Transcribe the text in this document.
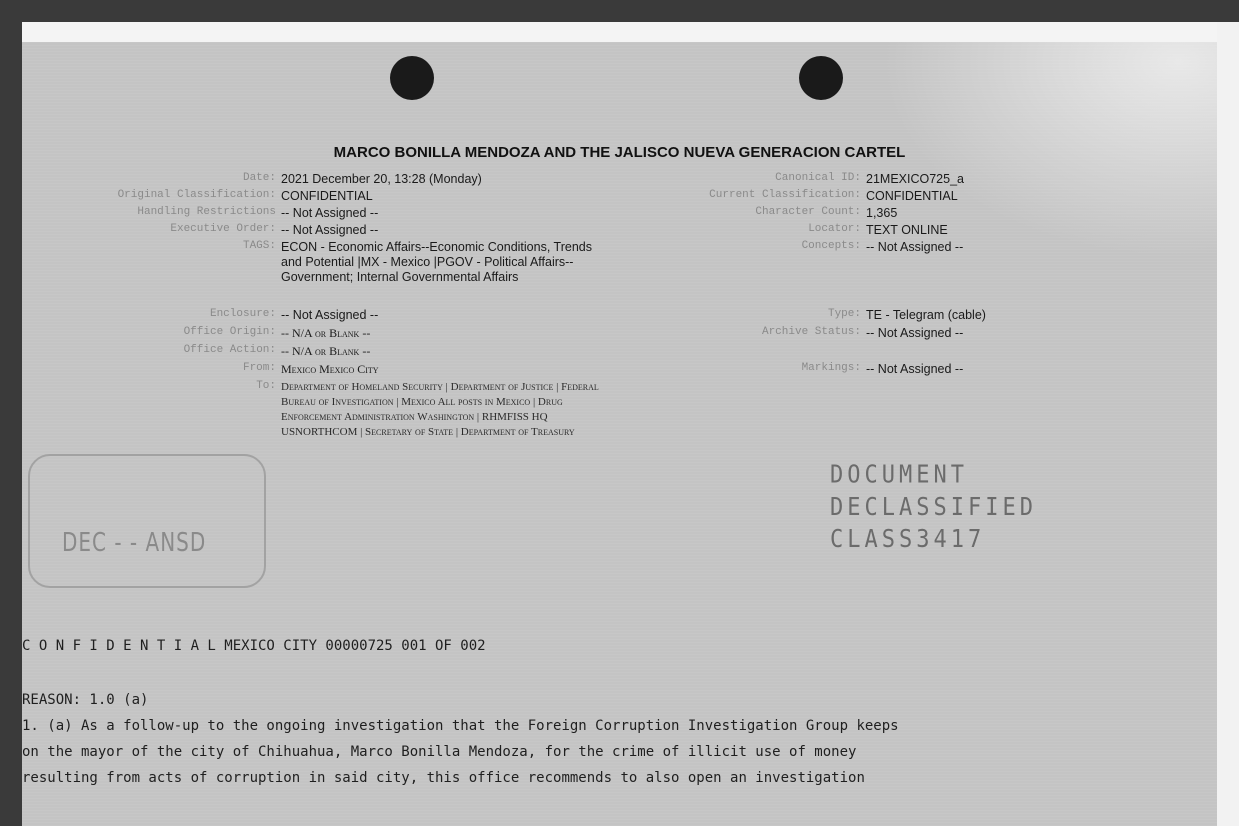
MARCO BONILLA MENDOZA AND THE JALISCO NUEVA GENERACION CARTEL
Date: 2021 December 20, 13:28 (Monday)
Original Classification: CONFIDENTIAL
Handling Restrictions -- Not Assigned --
Executive Order: -- Not Assigned --
TAGS: ECON - Economic Affairs--Economic Conditions, Trends and Potential |MX - Mexico |PGOV - Political Affairs--Government; Internal Governmental Affairs
Enclosure: -- Not Assigned --
Office Origin: -- N/A or Blank --
Office Action: -- N/A or Blank --
From: Mexico Mexico City
To: Department of Homeland Security | Department of Justice | Federal Bureau of Investigation | Mexico All posts in Mexico | Drug Enforcement Administration Washington | RHMFISS HQ USNORTHCOM | Secretary of State | Department of Treasury
Canonical ID: 21MEXICO725_a
Current Classification: CONFIDENTIAL
Character Count: 1,365
Locator: TEXT ONLINE
Concepts: -- Not Assigned --
Type: TE - Telegram (cable)
Archive Status: -- Not Assigned --
Markings: -- Not Assigned --
DEC - - ANSD
DOCUMENT
DECLASSIFIED
CLASS3417
C O N F I D E N T I A L MEXICO CITY 00000725 001 OF 002
REASON: 1.0 (a)
1. (a) As a follow-up to the ongoing investigation that the Foreign Corruption Investigation Group keeps
on the mayor of the city of Chihuahua, Marco Bonilla Mendoza, for the crime of illicit use of money
resulting from acts of corruption in said city, this office recommends to also open an investigation
